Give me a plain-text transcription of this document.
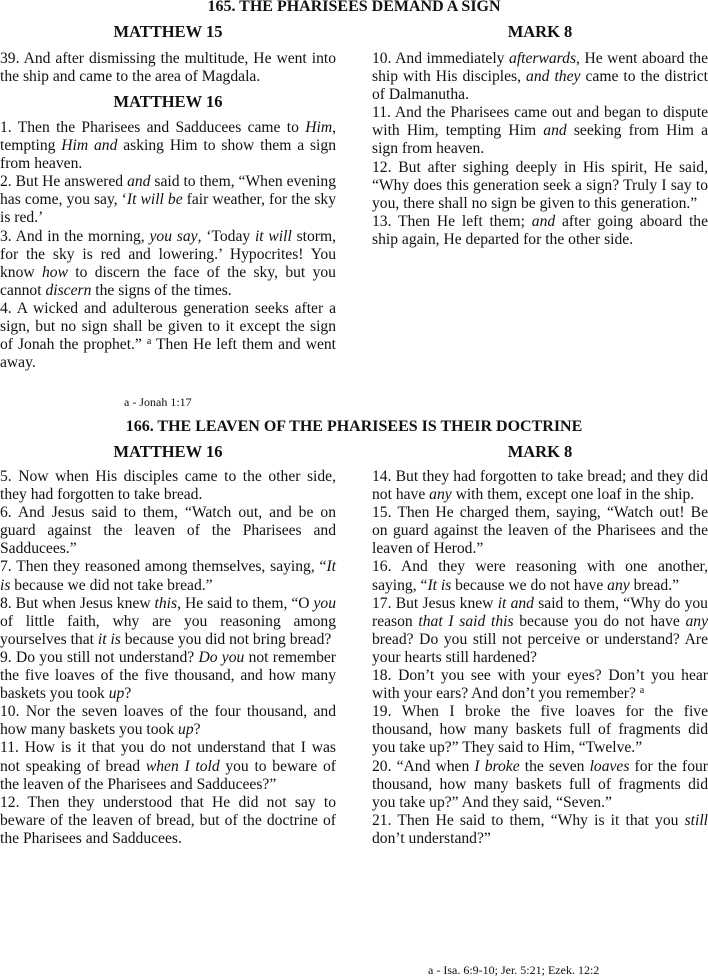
165. THE PHARISEES DEMAND A SIGN
MATTHEW 15	MARK 8

39. And after dismissing the multitude, He went into the ship and came to the area of Magdala.

MATTHEW 16

1. Then the Pharisees and Sadducees came to Him, tempting Him and asking Him to show them a sign from heaven.

2. But He answered and said to them, “When evening has come, you say, ‘It will be fair weather, for the sky is red.’

3. And in the morning, you say, ‘Today it will storm, for the sky is red and lowering.’ Hypocrites! You know how to discern the face of the sky, but you cannot discern the signs of the times.

4. A wicked and adulterous generation seeks after a sign, but no sign shall be given to it except the sign of Jonah the prophet.” $^a$ Then He left them and went away.

a - Jonah 1:17

10. And immediately afterwards, He went aboard the ship with His disciples, and they came to the district of Dalmanutha.

11. And the Pharisees came out and began to dispute with Him, tempting Him and seeking from Him a sign from heaven.

12. But after sighing deeply in His spirit, He said, “Why does this generation seek a sign? Truly I say to you, there shall no sign be given to this generation.”

13. Then He left them; and after going aboard the ship again, He departed for the other side.

166. THE LEAVEN OF THE PHARISEES IS THEIR DOCTRINE
MATTHEW 16	MARK 8

5. Now when His disciples came to the other side, they had forgotten to take bread.

6. And Jesus said to them, “Watch out, and be on guard against the leaven of the Pharisees and Sadducees.”

7. Then they reasoned among themselves, saying, “It is because we did not take bread.”

8. But when Jesus knew this, He said to them, “O you of little faith, why are you reasoning among yourselves that it is because you did not bring bread?

9. Do you still not understand? Do you not remember the five loaves of the five thousand, and how many baskets you took up?

10. Nor the seven loaves of the four thousand, and how many baskets you took up?

11. How is it that you do not understand that I was not speaking of bread when I told you to beware of the leaven of the Pharisees and Sadducees?”

12. Then they understood that He did not say to beware of the leaven of bread, but of the doctrine of the Pharisees and Sadducees.

14. But they had forgotten to take bread; and they did not have any with them, except one loaf in the ship.

15. Then He charged them, saying, “Watch out! Be on guard against the leaven of the Pharisees and the leaven of Herod.”

16. And they were reasoning with one another, saying, “It is because we do not have any bread.”

17. But Jesus knew it and said to them, “Why do you reason that I said this because you do not have any bread? Do you still not perceive or understand? Are your hearts still hardened?

18. Don’t you see with your eyes? Don’t you hear with your ears? And don’t you remember? $^a$

19. When I broke the five loaves for the five thousand, how many baskets full of fragments did you take up?” They said to Him, “Twelve.”

20. “And when I broke the seven loaves for the four thousand, how many baskets full of fragments did you take up?” And they said, “Seven.”

21. Then He said to them, “Why is it that you still don’t understand?”

a - Isa. 6:9-10; Jer. 5:21; Ezek. 12:2
